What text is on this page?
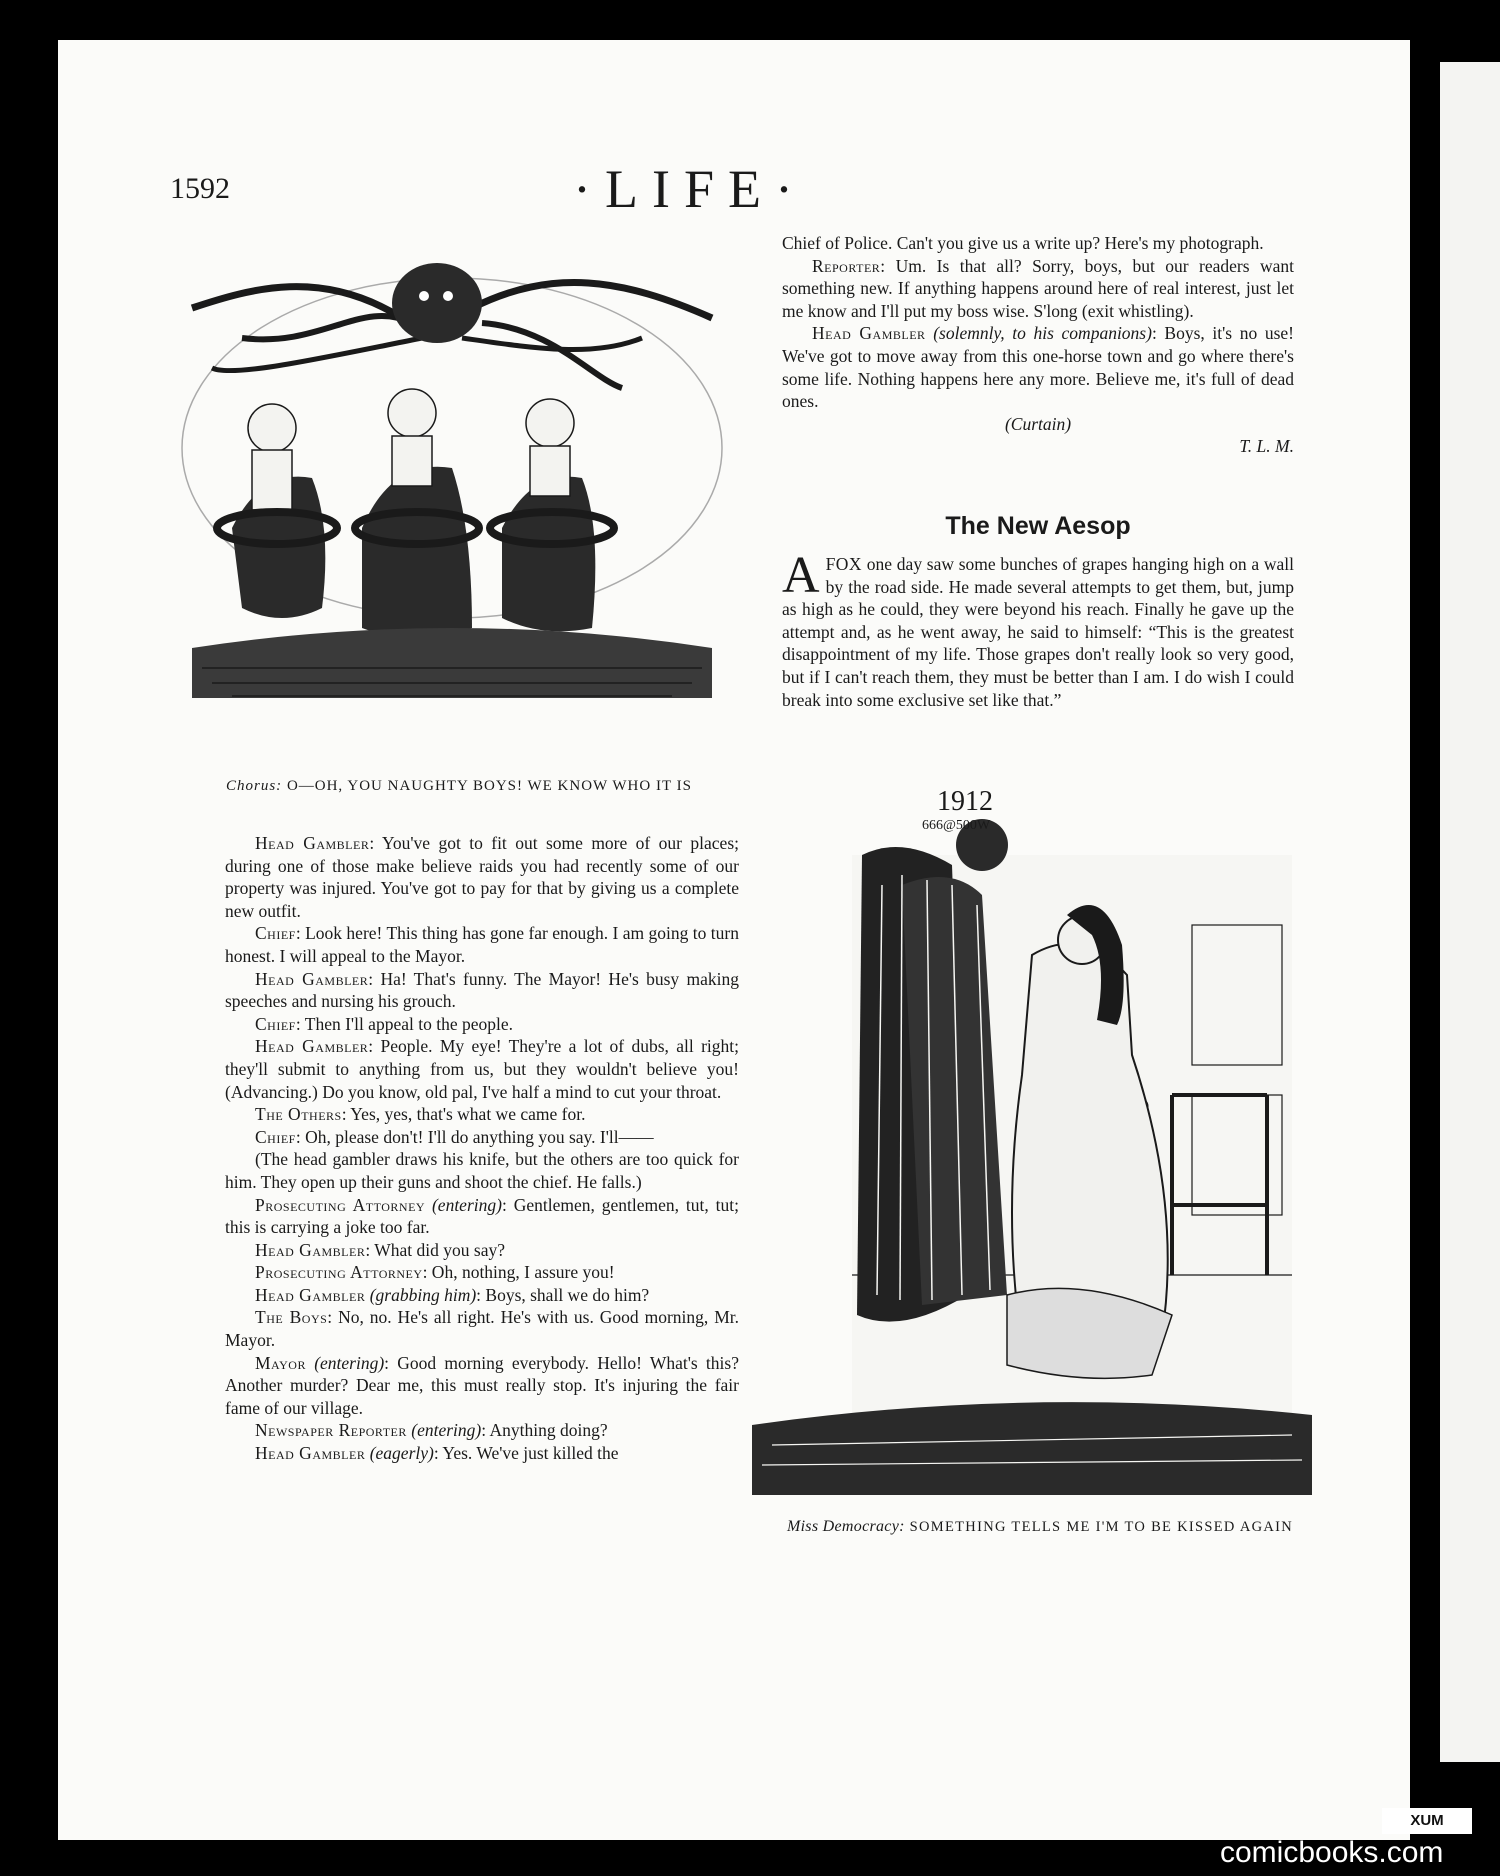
1592	·LIFE·
Chorus: O—OH, YOU NAUGHTY BOYS! WE KNOW WHO IT IS

Head Gambler: You've got to fit out some more of our places; during one of those make believe raids you had recently some of our property was injured. You've got to pay for that by giving us a complete new outfit.

Chief: Look here! This thing has gone far enough. I am going to turn honest. I will appeal to the Mayor.

Head Gambler: Ha! That's funny. The Mayor! He's busy making speeches and nursing his grouch.

Chief: Then I'll appeal to the people.

Head Gambler: People. My eye! They're a lot of dubs, all right; they'll submit to anything from us, but they wouldn't believe you! (Advancing.) Do you know, old pal, I've half a mind to cut your throat.

The Others: Yes, yes, that's what we came for.

Chief: Oh, please don't! I'll do anything you say. I'll——

(The head gambler draws his knife, but the others are too quick for him. They open up their guns and shoot the chief. He falls.)

Prosecuting Attorney (entering): Gentlemen, gentlemen, tut, tut; this is carrying a joke too far.

Head Gambler: What did you say?

Prosecuting Attorney: Oh, nothing, I assure you!

Head Gambler (grabbing him): Boys, shall we do him?

The Boys: No, no. He's all right. He's with us. Good morning, Mr. Mayor.

Mayor (entering): Good morning everybody. Hello! What's this? Another murder? Dear me, this must really stop. It's injuring the fair fame of our village.

Newspaper Reporter (entering): Anything doing?

Head Gambler (eagerly): Yes. We've just killed the

Chief of Police. Can't you give us a write up? Here's my photograph.

Reporter: Um. Is that all? Sorry, boys, but our readers want something new. If anything happens around here of real interest, just let me know and I'll put my boss wise. S'long (exit whistling).

Head Gambler (solemnly, to his companions): Boys, it's no use! We've got to move away from this one-horse town and go where there's some life. Nothing happens here any more. Believe me, it's full of dead ones.

(Curtain)

T. L. M.

The New Aesop

AFOX one day saw some bunches of grapes hanging high on a wall by the road side. He made several attempts to get them, but, jump as high as he could, they were beyond his reach. Finally he gave up the attempt and, as he went away, he said to himself: “This is the greatest disappointment of my life. Those grapes don't really look so very good, but if I can't reach them, they must be better than I am. I do wish I could break into some exclusive set like that.”

1912
666@500W
Miss Democracy: SOMETHING TELLS ME I'M TO BE KISSED AGAIN
XUM
comicbooks.com
